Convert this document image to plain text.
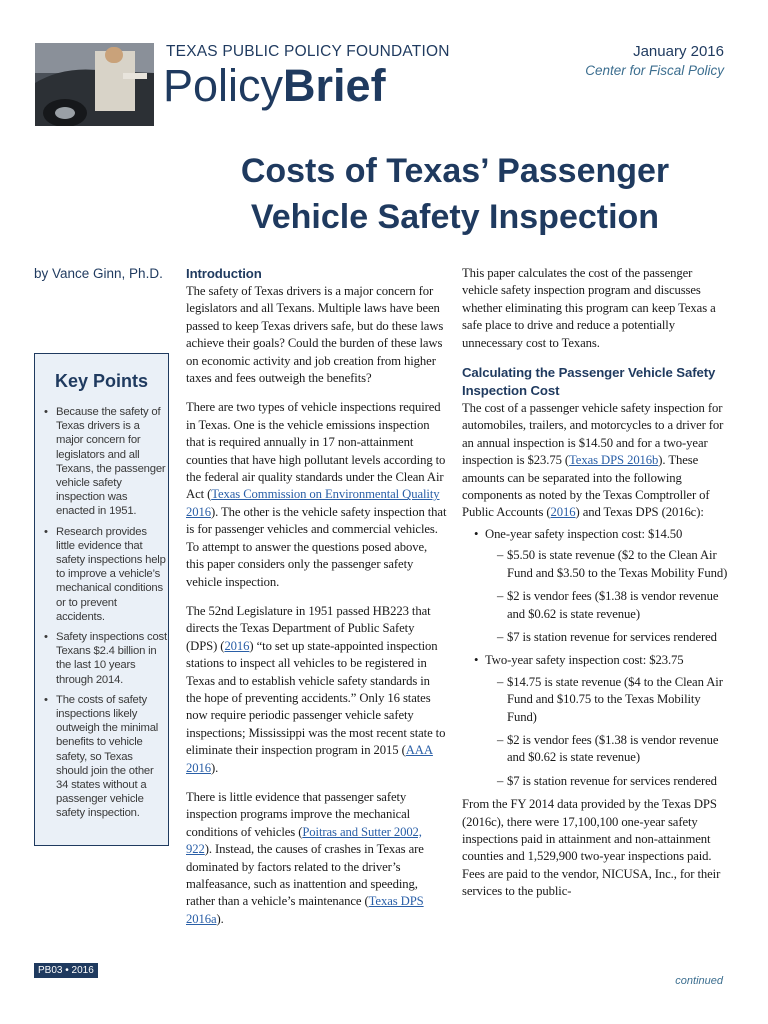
TEXAS PUBLIC POLICY FOUNDATION
PolicyBrief
January 2016
Center for Fiscal Policy
Costs of Texas’ Passenger
Vehicle Safety Inspection
by Vance Ginn, Ph.D.
Key Points
• Because the safety of Texas drivers is a major concern for legislators and all Texans, the passenger vehicle safety inspection was enacted in 1951.
• Research provides little evidence that safety inspections help to improve a vehicle’s mechanical conditions or to prevent accidents.
• Safety inspections cost Texans $2.4 billion in the last 10 years through 2014.
• The costs of safety inspections likely outweigh the minimal benefits to vehicle safety, so Texas should join the other 34 states without a passenger vehicle safety inspection.
Introduction

The safety of Texas drivers is a major concern for legislators and all Texans. Multiple laws have been passed to keep Texas drivers safe, but do these laws achieve their goals? Could the burden of these laws on economic activity and job creation from higher taxes and fees outweigh the benefits?

There are two types of vehicle inspections required in Texas. One is the vehicle emissions inspection that is required annually in 17 non-attainment counties that have high pollutant levels according to the federal air quality standards under the Clean Air Act (Texas Commission on Environmental Quality 2016). The other is the vehicle safety inspection that is for passenger vehicles and commercial vehicles. To attempt to answer the questions posed above, this paper considers only the passenger safety vehicle inspection.

The 52nd Legislature in 1951 passed HB223 that directs the Texas Department of Public Safety (DPS) (2016) “to set up state-appointed inspection stations to inspect all vehicles to be registered in Texas and to establish vehicle safety standards in the hope of preventing accidents.” Only 16 states now require periodic passenger vehicle safety inspections; Mississippi was the most recent state to eliminate their inspection program in 2015 (AAA 2016).

There is little evidence that passenger safety inspection programs improve the mechanical conditions of vehicles (Poitras and Sutter 2002, 922). Instead, the causes of crashes in Texas are dominated by factors related to the driver’s malfeasance, such as inattention and speeding, rather than a vehicle’s maintenance (Texas DPS 2016a).

This paper calculates the cost of the passenger vehicle safety inspection program and discusses whether eliminating this program can keep Texas a safe place to drive and reduce a potentially unnecessary cost to Texans.

Calculating the Passenger Vehicle Safety Inspection Cost

The cost of a passenger vehicle safety inspection for automobiles, trailers, and motorcycles to a driver for an annual inspection is $14.50 and for a two-year inspection is $23.75 (Texas DPS 2016b). These amounts can be separated into the following components as noted by the Texas Comptroller of Public Accounts (2016) and Texas DPS (2016c):

• One-year safety inspection cost: $14.50
– $5.50 is state revenue ($2 to the Clean Air Fund and $3.50 to the Texas Mobility Fund)
– $2 is vendor fees ($1.38 is vendor revenue and $0.62 is state revenue)
– $7 is station revenue for services rendered
• Two-year safety inspection cost: $23.75
– $14.75 is state revenue ($4 to the Clean Air Fund and $10.75 to the Texas Mobility Fund)
– $2 is vendor fees ($1.38 is vendor revenue and $0.62 is state revenue)
– $7 is station revenue for services rendered

From the FY 2014 data provided by the Texas DPS (2016c), there were 17,100,100 one-year safety inspections paid in attainment and non-attainment counties and 1,529,900 two-year inspections paid. Fees are paid to the vendor, NICUSA, Inc., for their services to the public-

PB03 • 2016
continued
